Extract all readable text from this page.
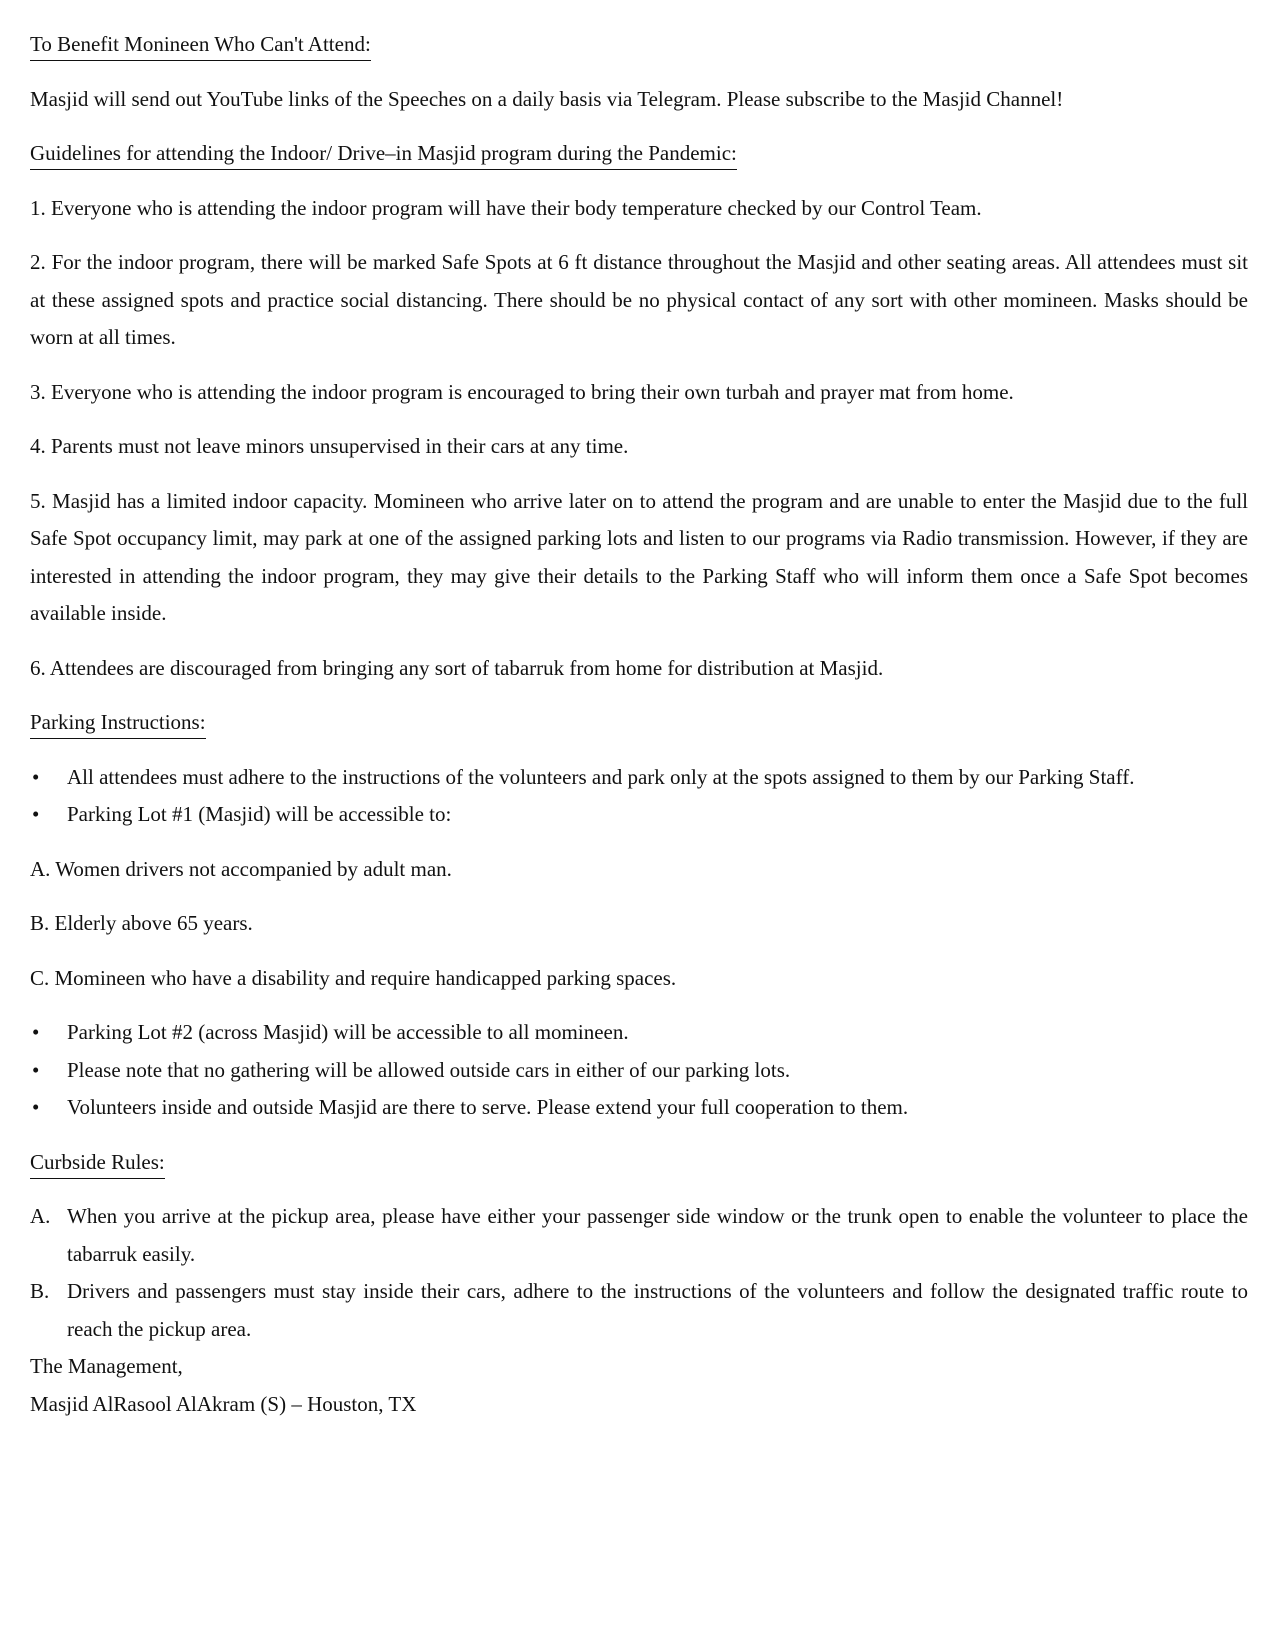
To Benefit Monineen Who Can't Attend:

Masjid will send out YouTube links of the Speeches on a daily basis via Telegram. Please subscribe to the Masjid Channel!

Guidelines for attending the Indoor/ Drive–in Masjid program during the Pandemic:

1. Everyone who is attending the indoor program will have their body temperature checked by our Control Team.

2. For the indoor program, there will be marked Safe Spots at 6 ft distance throughout the Masjid and other seating areas. All attendees must sit at these assigned spots and practice social distancing. There should be no physical contact of any sort with other momineen. Masks should be worn at all times.

3. Everyone who is attending the indoor program is encouraged to bring their own turbah and prayer mat from home.

4. Parents must not leave minors unsupervised in their cars at any time.

5. Masjid has a limited indoor capacity. Momineen who arrive later on to attend the program and are unable to enter the Masjid due to the full Safe Spot occupancy limit, may park at one of the assigned parking lots and listen to our programs via Radio transmission. However, if they are interested in attending the indoor program, they may give their details to the Parking Staff who will inform them once a Safe Spot becomes available inside.

6. Attendees are discouraged from bringing any sort of tabarruk from home for distribution at Masjid.

Parking Instructions:

•	All attendees must adhere to the instructions of the volunteers and park only at the spots assigned to them by our Parking Staff.
•	Parking Lot #1 (Masjid) will be accessible to:

A. Women drivers not accompanied by adult man.

B. Elderly above 65 years.

C. Momineen who have a disability and require handicapped parking spaces.

•	Parking Lot #2 (across Masjid) will be accessible to all momineen.
•	Please note that no gathering will be allowed outside cars in either of our parking lots.
•	Volunteers inside and outside Masjid are there to serve. Please extend your full cooperation to them.

Curbside Rules:

A. When you arrive at the pickup area, please have either your passenger side window or the trunk open to enable the volunteer to place the tabarruk easily.
B. Drivers and passengers must stay inside their cars, adhere to the instructions of the volunteers and follow the designated traffic route to reach the pickup area.

The Management,

Masjid AlRasool AlAkram (S) – Houston, TX
